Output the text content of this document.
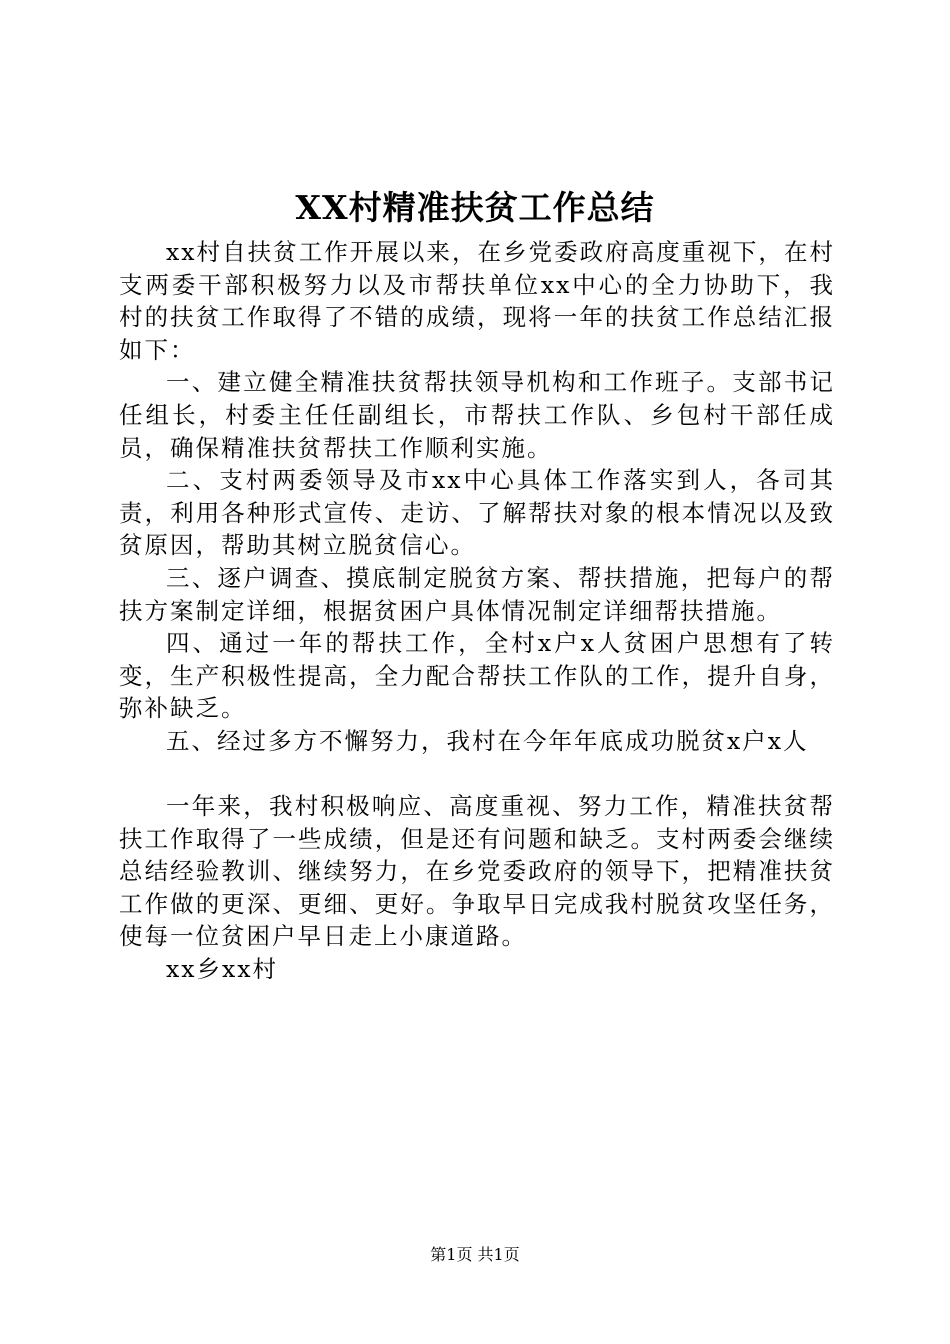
XX村精准扶贫工作总结

xx村自扶贫工作开展以来，在乡党委政府高度重视下，在村支两委干部积极努力以及市帮扶单位xx中心的全力协助下，我村的扶贫工作取得了不错的成绩，现将一年的扶贫工作总结汇报如下：

一、建立健全精准扶贫帮扶领导机构和工作班子。支部书记任组长，村委主任任副组长，市帮扶工作队、乡包村干部任成员，确保精准扶贫帮扶工作顺利实施。

二、支村两委领导及市xx中心具体工作落实到人，各司其责，利用各种形式宣传、走访、了解帮扶对象的根本情况以及致贫原因，帮助其树立脱贫信心。

三、逐户调查、摸底制定脱贫方案、帮扶措施，把每户的帮扶方案制定详细，根据贫困户具体情况制定详细帮扶措施。

四、通过一年的帮扶工作，全村x户x人贫困户思想有了转变，生产积极性提高，全力配合帮扶工作队的工作，提升自身，弥补缺乏。

五、经过多方不懈努力，我村在今年年底成功脱贫x户x人

一年来，我村积极响应、高度重视、努力工作，精准扶贫帮扶工作取得了一些成绩，但是还有问题和缺乏。支村两委会继续总结经验教训、继续努力，在乡党委政府的领导下，把精准扶贫工作做的更深、更细、更好。争取早日完成我村脱贫攻坚任务，使每一位贫困户早日走上小康道路。

xx乡xx村

第1页 共1页
